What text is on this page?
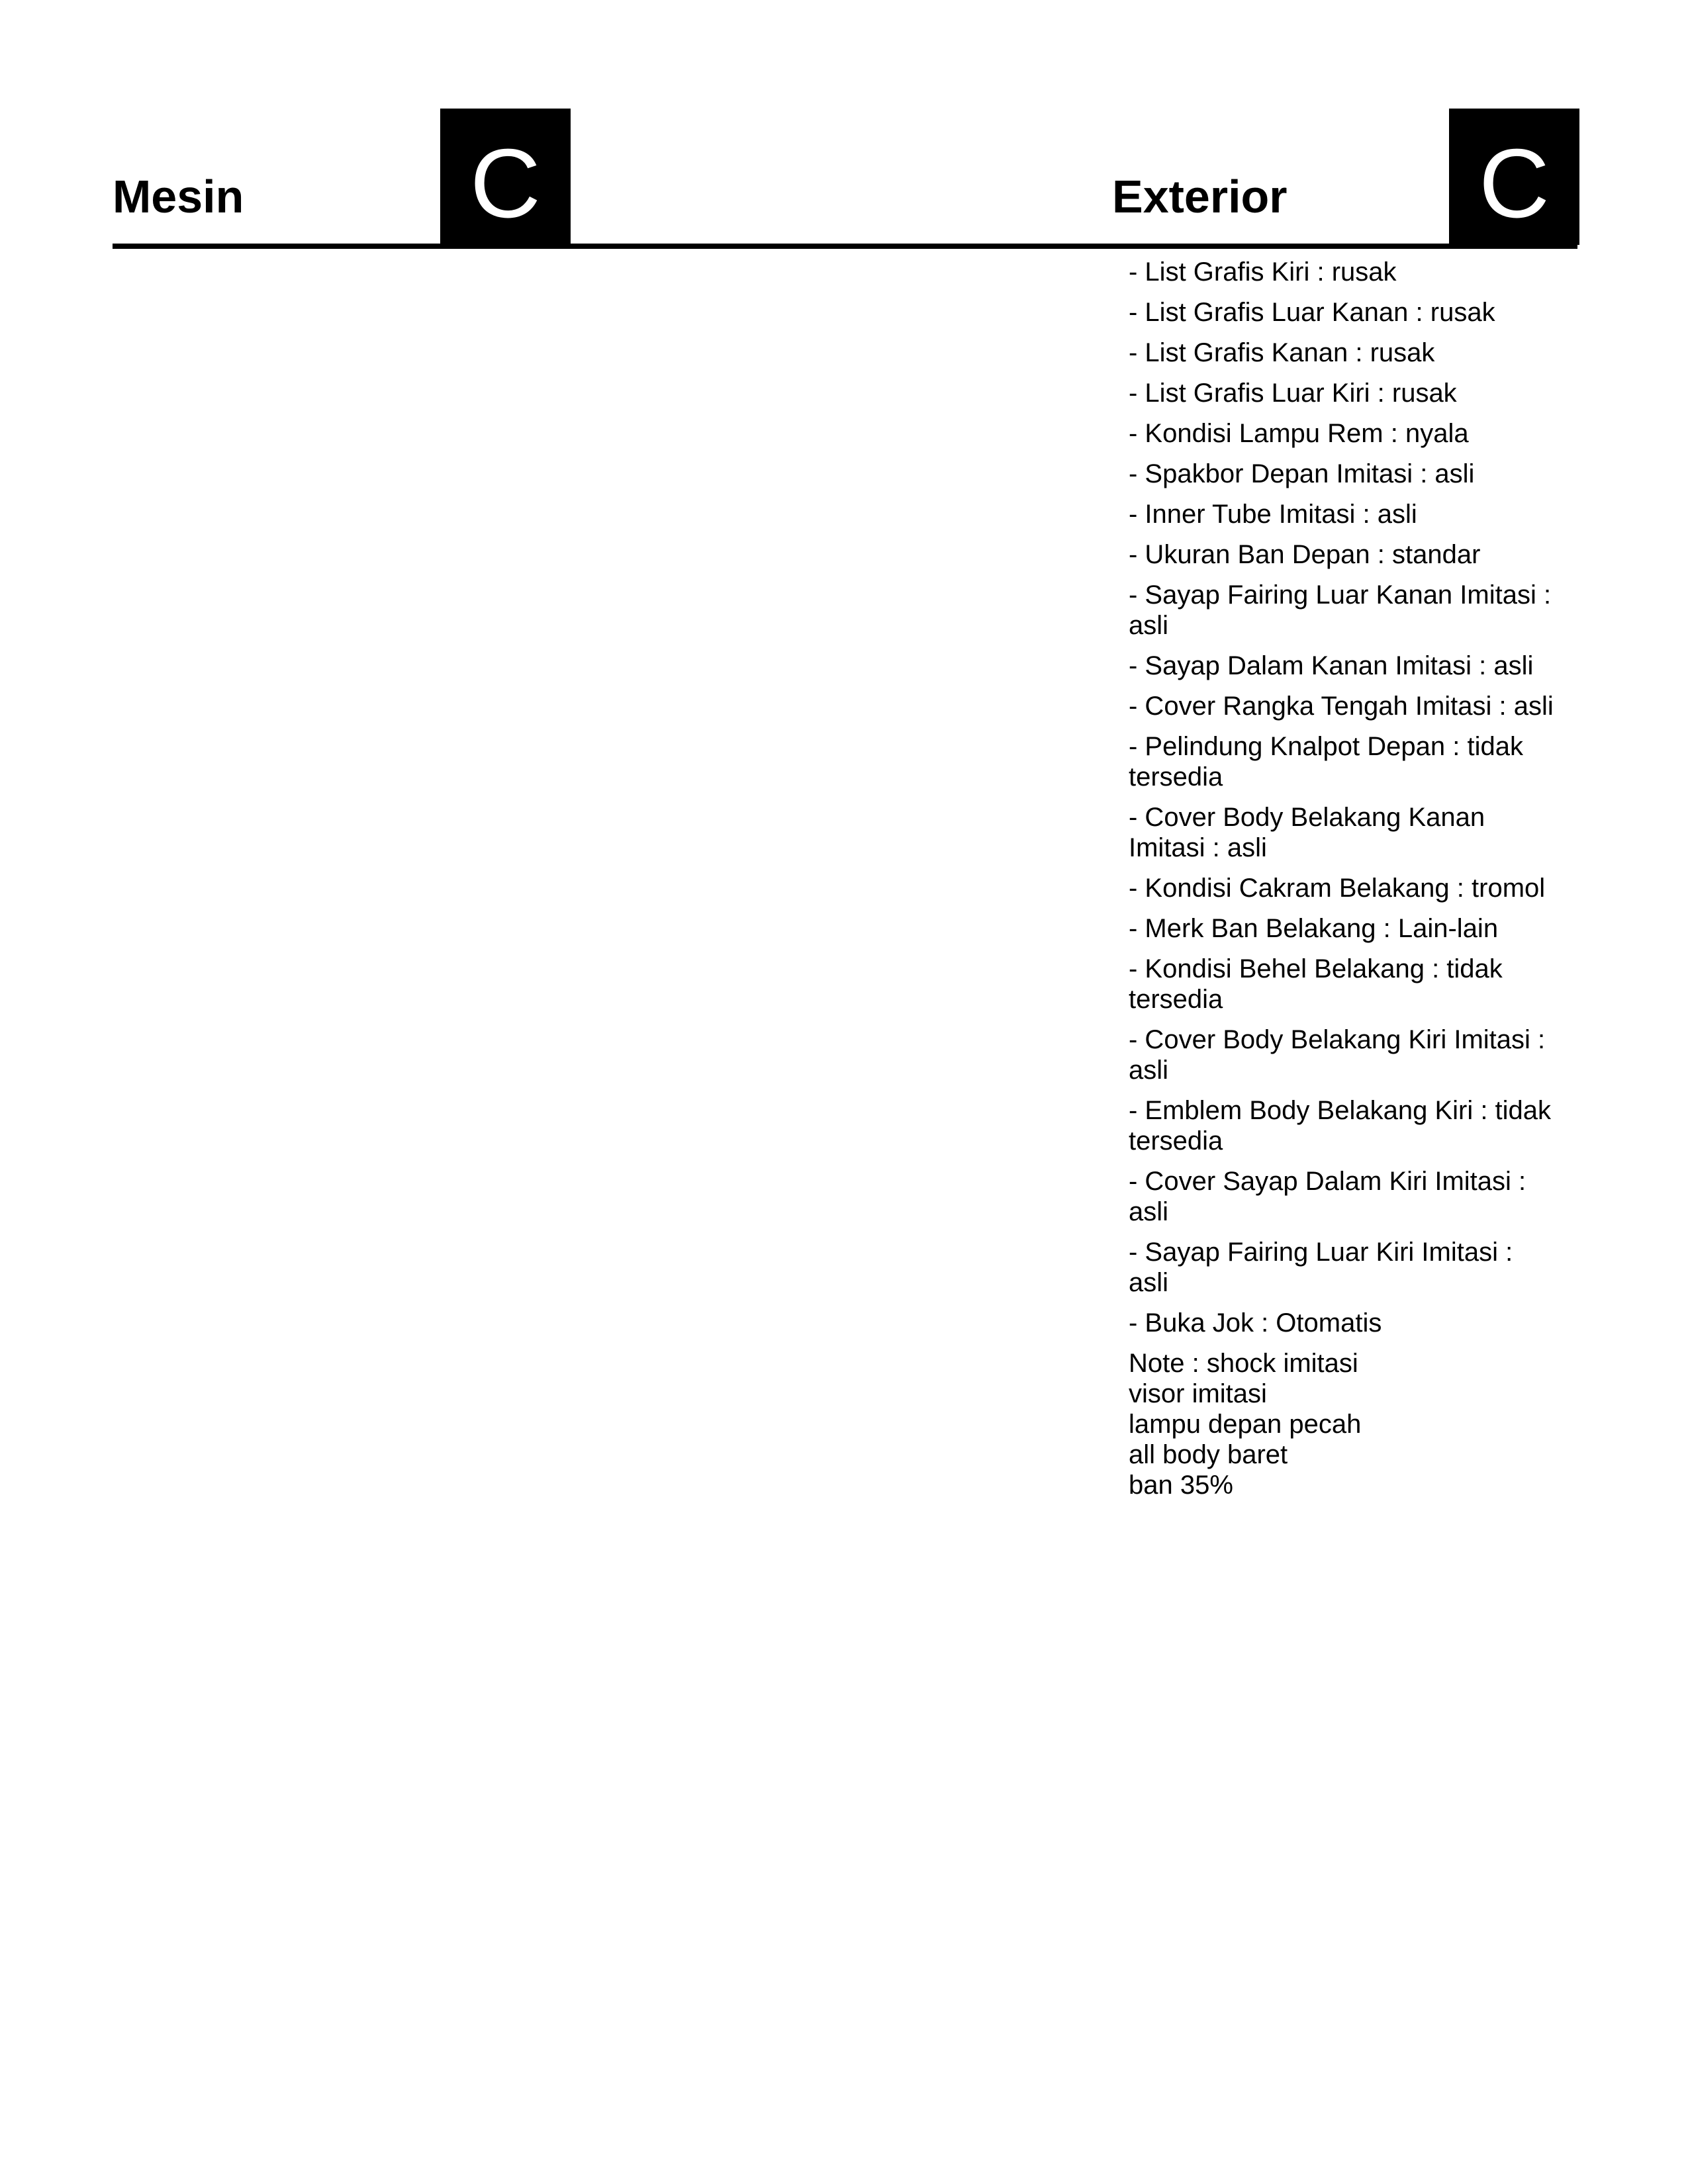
Mesin C	Exterior C
- List Grafis Kiri : rusak
- List Grafis Luar Kanan : rusak
- List Grafis Kanan : rusak
- List Grafis Luar Kiri : rusak
- Kondisi Lampu Rem : nyala
- Spakbor Depan Imitasi : asli
- Inner Tube Imitasi : asli
- Ukuran Ban Depan : standar
- Sayap Fairing Luar Kanan Imitasi : asli
- Sayap Dalam Kanan Imitasi : asli
- Cover Rangka Tengah Imitasi : asli
- Pelindung Knalpot Depan : tidak tersedia
- Cover Body Belakang Kanan Imitasi : asli
- Kondisi Cakram Belakang : tromol
- Merk Ban Belakang : Lain-lain
- Kondisi Behel Belakang : tidak tersedia
- Cover Body Belakang Kiri Imitasi : asli
- Emblem Body Belakang Kiri : tidak tersedia
- Cover Sayap Dalam Kiri Imitasi : asli
- Sayap Fairing Luar Kiri Imitasi : asli
- Buka Jok : Otomatis
Note : shock imitasi
visor imitasi
lampu depan pecah
all body baret
ban 35%
